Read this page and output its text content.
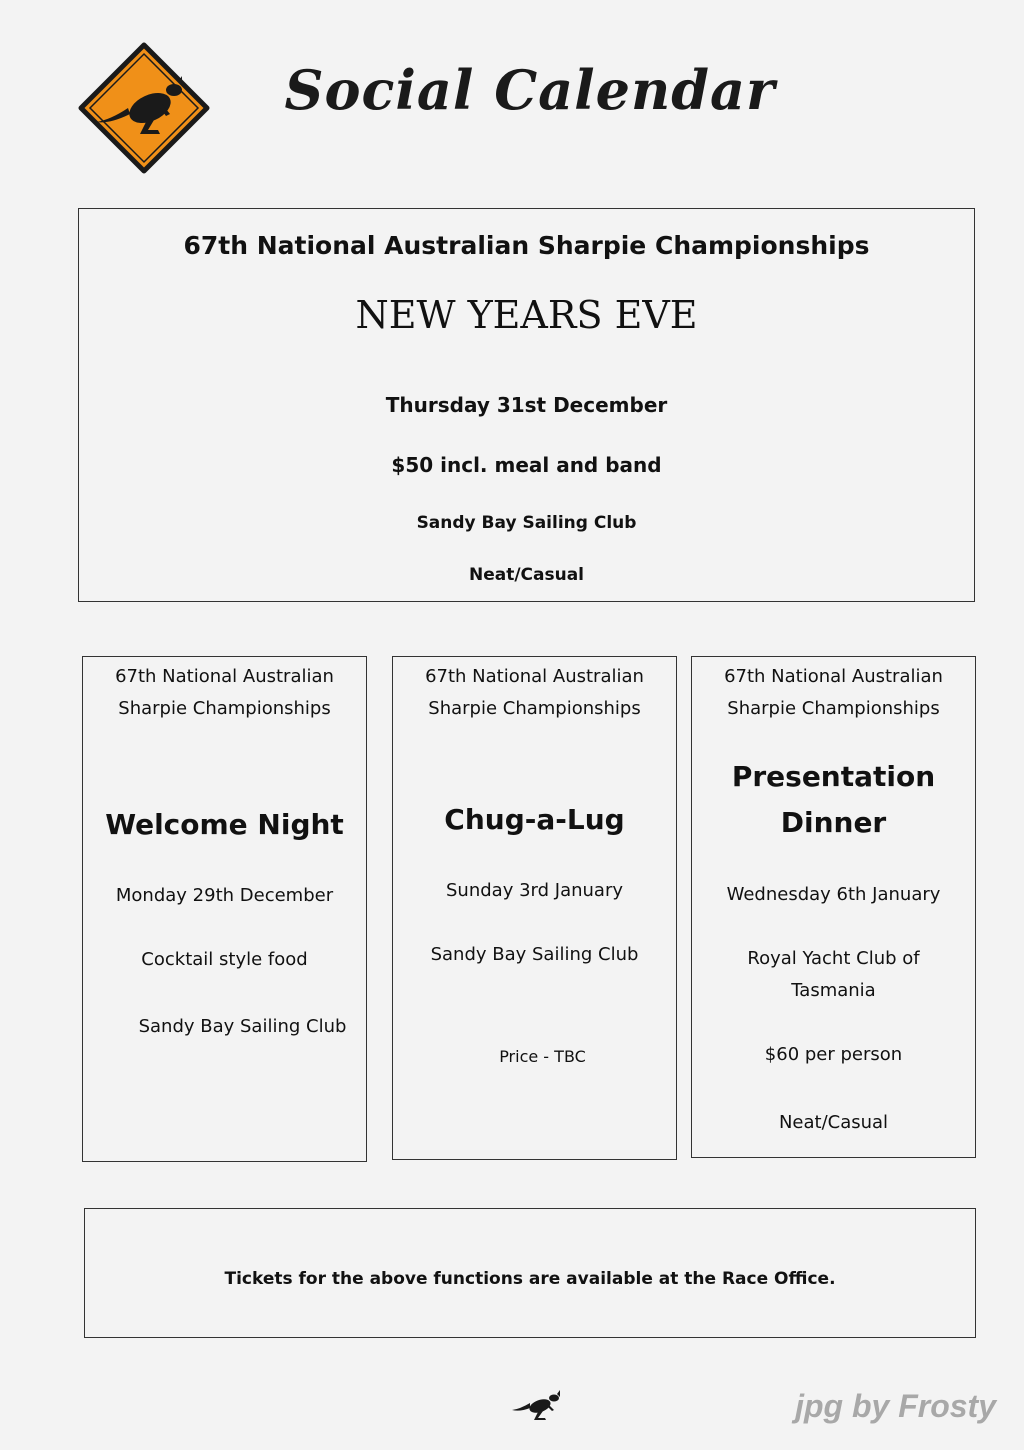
Social Calendar
67th National Australian Sharpie Championships
NEW YEARS EVE
Thursday 31st December
$50 incl. meal and band
Sandy Bay Sailing Club
Neat/Casual
67th National Australian
Sharpie Championships
Welcome Night
Monday 29th December
Cocktail style food
Sandy Bay Sailing Club
67th National Australian
Sharpie Championships
Chug-a-Lug
Sunday 3rd January
Sandy Bay Sailing Club
Price - TBC
67th National Australian
Sharpie Championships
Presentation
Dinner
Wednesday 6th January
Royal Yacht Club of
Tasmania
$60 per person
Neat/Casual
Tickets for the above functions are available at the Race Office.
jpg by Frosty
